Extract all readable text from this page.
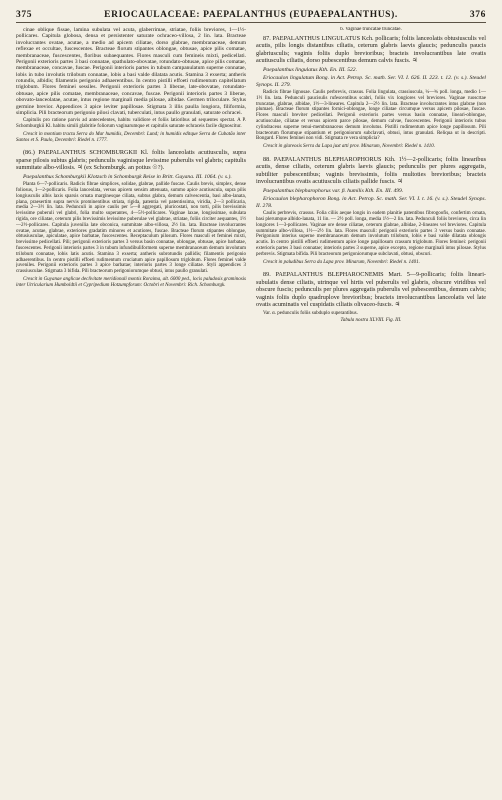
375	ERIOCAULACEAE: PAEPALANTHUS (EUPAEPALANTHUS).	376

cinae oblique fissae, lamina subulata vel acuta, glaberrimae, striatae, foliis breviores, 1—1½-pollicares. Capitula globosa, densa et persistenter saturate ochraceo-villosa, 2 lin. lata. Bracteae involucrantes ovatae, acutae, a medio ad apicem ciliatae, dorso glabrae, membranaceae, demum reflexae et occultae, fuscescentes. Bracteae florum stipantes oblongae, obtusae, apice pilis comatae, membranaceae, fuscescentes, floribus subaequantes. Flores masculi cum femineis mixti, pedicellati. Perigonii exterioris partes 3 basi connatae, spathulato-obovatae, rotundato-obtusae, apice pilis comatae, membranaceae, concavae, fuscae. Perigonii interioris partes in tubum campanulatum superne connatae, lobis in tubo involutis trilobum connatae, lobis a basi valde dilatata acutis. Stamina 3 exserta; antheris rotundis, albidis; filamentis perigonio adhaerentibus. In centro pistilli effoeti rudimentum capitellatum triglobum. Flores feminei sessiles. Perigonii exterioris partes 3 liberae, late-obovatae, rotundato-obtusae, apice pilis comatae, membranaceae, concavae, fuscae. Perigonii interioris partes 3 liberae, obovato-lanceolatae, acutae, intus regione marginali media pilosae, albidae. Germen triloculare. Stylus germine brevior. Appendices 3 apice leviter papillosae. Stigmata 3 illis paulla longiora, filiformia, simplicia. Pili bracteorum perigonio pilosi clavati, tuberculati, intus paullo granulati, saturate ochracei.

Capitulis pro ratione parvis ad antecedentes, habitu validiore et foliis latioribus ad sequentes spectat. A P. Schomburgkii Kl. habitu simili glabritie foliorum vaginarumque et capitulis saturate ochraceis facile dignoscitur.

Crescit in montium tractu Serra do Mar humidis, Decembri: Lund; in humidis editque Serra de Cubatão inter Santos et S. Paulo, Decembri: Riedel n. 1777.

(86.) PAEPALANTHUS SCHOMBURGKII Kl. foliis lanceolatis acutiusculis, supra sparse pilosis subtus glabris; pedunculis vaginisque levissime puberulis vel glabris; capitulis summitate albo-villosis. ♃ (ex Schomburgk. an potius ☉?).

Paepalanthus Schomburgkii Klotzsch in Schomburgk Reise in Britt. Guyana. III. 1064. (v. s.).

Planta 6—7-pollicaris. Radicis fibrae simplices, solidae, glabrae, pallide fuscae. Caulis brevis, simplex, dense foliosus, 1—2-pollicaris. Folia lanceolata, versus apicem sensim attenuata, summo apice acutiuscula, supra pilis longiusculis albis laxis sparsis ornata marginesque ciliata, subtus glabra, demum calvescentia, basi albo-lanata, plana, praesertim supra nervis prominentibus striata, rigida, patentia vel patentissima, viridia, 2—3 pollicaria, media 2—3½ lin. lata. Pedunculi in apice caulis per 5—8 aggregati, pluricostati, non torti, pilis brevissimis levissime puberuli vel glabri, folia multo superantes, 4—5½-pollicares. Vaginae laxae, longissimae, subulata rigida, ore ciliatae, ceterum pilis brevissimis levissime puberulae vel glabrae, striatae, foliis circiter aequantes, 1½—2½-pollicares. Capitula juvenilia late obconica, summitate albo-villosa, 2½ lin. lata. Bracteae involucrantes ovatae, acutae, glabrae, exteriores gradatim minores et acutiores, fuscae. Bracteae florum stipantes oblongae, obtusiusculae, apiculatae, apice barbatae, fuscescentes. Receptaculum pilosum. Flores masculi et feminei mixti, brevissime pedicellati. Pili; perigonii exterioris partes 3 versus basin connatae, oblongae, obtusae, apice barbatae, fuscescentes. Perigonii interioris partes 3 in tubum infundibuliformem superne membranaceum demum involutum trilobum connatae, lobis latis acutis. Stamina 3 exserta; antheris subrotundis pallidis; filamentis perigonio adhaerentibus. In centro pistilli effoeti rudimentum cruciatum apice papillosum triglobum. Flores feminei valde juveniles. Perigonii exterioris partes 3 apice barbatae; interioris partes 3 longe ciliatae. Styli appendices 3 crassiusculae. Stigmata 3 bifida. Pili bracteorum perigoniorumque obtusi, intus paullo granulati.

Crescit in Guyanae anglicae declivitate meridionali montis Roraima, alt. 6000 ped., locis paludosis graminosis inter Utricularium Humboldtii et Cypripedium Hotzumpforum: Octobri et Novembri: Rich. Schomburgk.

b. Vaginae truncatae truncatae.

87. PAEPALANTHUS LINGULATUS Kch. pollicaris; foliis lanceolatis obtusiusculis vel acutis, pilis longis distantibus ciliatis, ceterum glabris laevis glaucis; pedunculis paucis glabriusculis; vaginis foliis duplo brevioribus; bracteis involucrantibus late ovatis acutiusculis ciliatis, dorso pubescentibus demum calvis fuscis. ♃

Paepalanthus lingulatus Kth. En. III. 522.

Eriocaulon lingulatum Bong. in Act. Petrop. Sc. math. Ser. VI. I. 626. II. 223. t. 12. (v. s.). Steudel Synops. II. 279.

Radicis fibrae lignosae. Caulis perbrevis, crassus. Folia lingulata, crassiuscula, ¼—¾ poll. longa, medio 1—1½ lin. lata. Pedunculi paucisulis rufescentibus scabri, foliis vix longiores vel breviores. Vaginae ruoscrtae truncatae, glabrae, albidae, 1½—3-lineares. Capitula 2—2½ lin. lata. Bracteae involucrantes intus glabrae (non plumae). Bracteae florum stipantes fornici-oblongae, longe ciliatae circumque versus apicem pilosae, fuscae. Flores masculi breviter pedicellati. Perigonii exterioris partes versus basin connatae, lineari-oblongae, acutiusculae, ciliatae et versus apicem parce pilosae, demum calvae, fuscescentes. Perigonii interioris tubus cylindraceus superne tenui-membranaceus demum involutus. Pistilli rudimentum apice longe papillosum. Pili bracteorum florumque stipantium et perigoniorum subclavati, obtusi, intus granulati. Reliqua ut in descripti. Bongard. Flores feminei non vidi. Stigmata re vera simplicia?

Crescit in glareosis Serra da Lapa juxt atti prov. Minarum, Novembri: Riedel n. 1410.

88. PAEPALANTHUS BLEPHAROPHORUS Kth. 1½—2-pollicaris; foliis linearibus acutis, dense ciliatis, ceterum glabris laevis glaucis; pedunculis per plures aggregatis, subtiliter pubescentibus; vaginis brevissimis, foliis multoties brevioribus; bracteis involucrantibus ovatis acutiusculis ciliatis pallide fuscis. ♃

Paepalanthus blepharophorus var. β. humilis Kth. En. III. 499.

Eriocaulon blepharophoron Bong. in Act. Petrop. Sc. math. Ser. VI. I. t. 16. (v. s.). Steudel Synops. II. 278.

Caulis perbrevis, crassus. Folia ciliis aeque longis in eadem planitie patentibus fibrogoofis, confertim ornata, basi plerumque albido-lanata, 11 lin. — 2½ poll. longa, media 1½—2 lin. lata. Pedunculi foliis breviores, circa lin longiores 1—3-pollicares. Vaginae ore dense ciliatae, ceterum glabrae, albidae, 2-lineares vel breviores. Capitula summitate albo-villosa, 1½—2½ lin. lata. Flores masculi: perigonii exterioris partes 3 versus basin connatae. Perigonium interius superne membranaceum demum involutum trilobum, lobis e basi valde dilatata oblongis acutis. In centro pistilli effoeti rudimentum apice longe papillosum crassum triglobum. Flores feminei: perigonii exterioris partes 3 basi connatae; interioris partes 3 superne, apice excepto, regione marginali intus pilosae. Stylus perbrevis. Stigmata bifida. Pili bracteorum perigoniorumque subclavati, obtusi, obscuri.

Crescit in paludibus Serra da Lapa prov. Minarum, Novembri: Riedel n. 1401.

89. PAEPALANTHUS BLEPHAROCNEMIS Mart. 5—9-pollicaris; foliis lineari-subulatis dense ciliatis, utrinque vel hirtis vel puberulis vel glabris, obscure viridibus vel obscure fuscis; pedunculis per plures aggregatis puberulis vel pubescentibus, demum calvis; vaginis foliis duplo quadruplove brevioribus; bracteis involucrantibus lanceolatis vel late ovatis acuminatis vel cuspidatis ciliatis olivaceo-fuscis. ♃

Var. α. pedunculis foliis subduplo superantibus.

Tabula nostra XLVIII. Fig. III.
